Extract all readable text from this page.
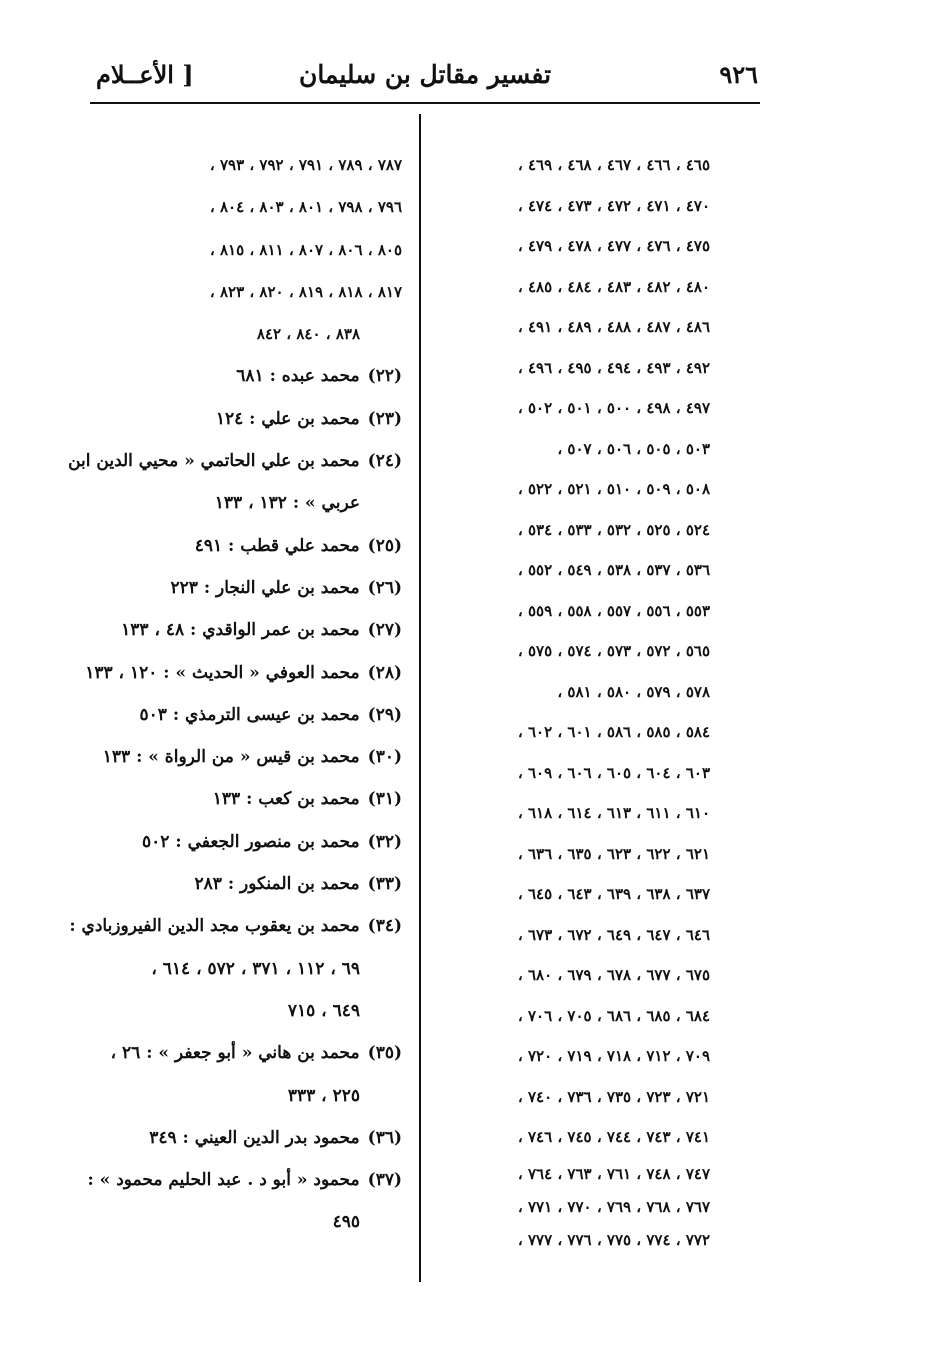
٩٢٦
تفسير مقاتل بن سليمان
[ الأعــلام
٤٦٥ ، ٤٦٦ ، ٤٦٧ ، ٤٦٨ ، ٤٦٩ ،
٤٧٠ ، ٤٧١ ، ٤٧٢ ، ٤٧٣ ، ٤٧٤ ،
٤٧٥ ، ٤٧٦ ، ٤٧٧ ، ٤٧٨ ، ٤٧٩ ،
٤٨٠ ، ٤٨٢ ، ٤٨٣ ، ٤٨٤ ، ٤٨٥ ،
٤٨٦ ، ٤٨٧ ، ٤٨٨ ، ٤٨٩ ، ٤٩١ ،
٤٩٢ ، ٤٩٣ ، ٤٩٤ ، ٤٩٥ ، ٤٩٦ ،
٤٩٧ ، ٤٩٨ ، ٥٠٠ ، ٥٠١ ، ٥٠٢ ،
٥٠٣ ، ٥٠٥ ، ٥٠٦ ، ٥٠٧ ،
٥٠٨ ، ٥٠٩ ، ٥١٠ ، ٥٢١ ، ٥٢٢ ،
٥٢٤ ، ٥٢٥ ، ٥٣٢ ، ٥٣٣ ، ٥٣٤ ،
٥٣٦ ، ٥٣٧ ، ٥٣٨ ، ٥٤٩ ، ٥٥٢ ،
٥٥٣ ، ٥٥٦ ، ٥٥٧ ، ٥٥٨ ، ٥٥٩ ،
٥٦٥ ، ٥٧٢ ، ٥٧٣ ، ٥٧٤ ، ٥٧٥ ،
٥٧٨ ، ٥٧٩ ، ٥٨٠ ، ٥٨١ ،
٥٨٤ ، ٥٨٥ ، ٥٨٦ ، ٦٠١ ، ٦٠٢ ،
٦٠٣ ، ٦٠٤ ، ٦٠٥ ، ٦٠٦ ، ٦٠٩ ،
٦١٠ ، ٦١١ ، ٦١٣ ، ٦١٤ ، ٦١٨ ،
٦٢١ ، ٦٢٢ ، ٦٢٣ ، ٦٣٥ ، ٦٣٦ ،
٦٣٧ ، ٦٣٨ ، ٦٣٩ ، ٦٤٣ ، ٦٤٥ ،
٦٤٦ ، ٦٤٧ ، ٦٤٩ ، ٦٧٢ ، ٦٧٣ ،
٦٧٥ ، ٦٧٧ ، ٦٧٨ ، ٦٧٩ ، ٦٨٠ ،
٦٨٤ ، ٦٨٥ ، ٦٨٦ ، ٧٠٥ ، ٧٠٦ ،
٧٠٩ ، ٧١٢ ، ٧١٨ ، ٧١٩ ، ٧٢٠ ،
٧٢١ ، ٧٢٣ ، ٧٣٥ ، ٧٣٦ ، ٧٤٠ ،
٧٤١ ، ٧٤٣ ، ٧٤٤ ، ٧٤٥ ، ٧٤٦ ،
٧٤٧ ، ٧٤٨ ، ٧٦١ ، ٧٦٣ ، ٧٦٤ ،
٧٦٧ ، ٧٦٨ ، ٧٦٩ ، ٧٧٠ ، ٧٧١ ،
٧٧٢ ، ٧٧٤ ، ٧٧٥ ، ٧٧٦ ، ٧٧٧ ،
٧٨٧ ، ٧٨٩ ، ٧٩١ ، ٧٩٢ ، ٧٩٣ ،
٧٩٦ ، ٧٩٨ ، ٨٠١ ، ٨٠٣ ، ٨٠٤ ،
٨٠٥ ، ٨٠٦ ، ٨٠٧ ، ٨١١ ، ٨١٥ ،
٨١٧ ، ٨١٨ ، ٨١٩ ، ٨٢٠ ، ٨٢٣ ،
٨٣٨ ، ٨٤٠ ، ٨٤٢
(٢٢)محمد عبده : ٦٨١
(٢٣)محمد بن علي : ١٢٤
(٢٤)محمد بن علي الحاتمي « محيي الدين ابن
عربي » : ١٣٢ ، ١٣٣
(٢٥)محمد علي قطب : ٤٩١
(٢٦)محمد بن علي النجار : ٢٢٣
(٢٧)محمد بن عمر الواقدي : ٤٨ ، ١٣٣
(٢٨)محمد العوفي « الحديث » : ١٢٠ ، ١٣٣
(٢٩)محمد بن عيسى الترمذي : ٥٠٣
(٣٠)محمد بن قيس « من الرواة » : ١٣٣
(٣١)محمد بن كعب : ١٣٣
(٣٢)محمد بن منصور الجعفي : ٥٠٢
(٣٣)محمد بن المنكور : ٢٨٣
(٣٤)محمد بن يعقوب مجد الدين الفيروزبادي :
٦٩ ، ١١٢ ، ٣٧١ ، ٥٧٢ ، ٦١٤ ،
٦٤٩ ، ٧١٥
(٣٥)محمد بن هاني « أبو جعفر » : ٢٦ ،
٢٢٥ ، ٣٣٣
(٣٦)محمود بدر الدين العيني : ٣٤٩
(٣٧)محمود « أبو د . عبد الحليم محمود » :
٤٩٥
